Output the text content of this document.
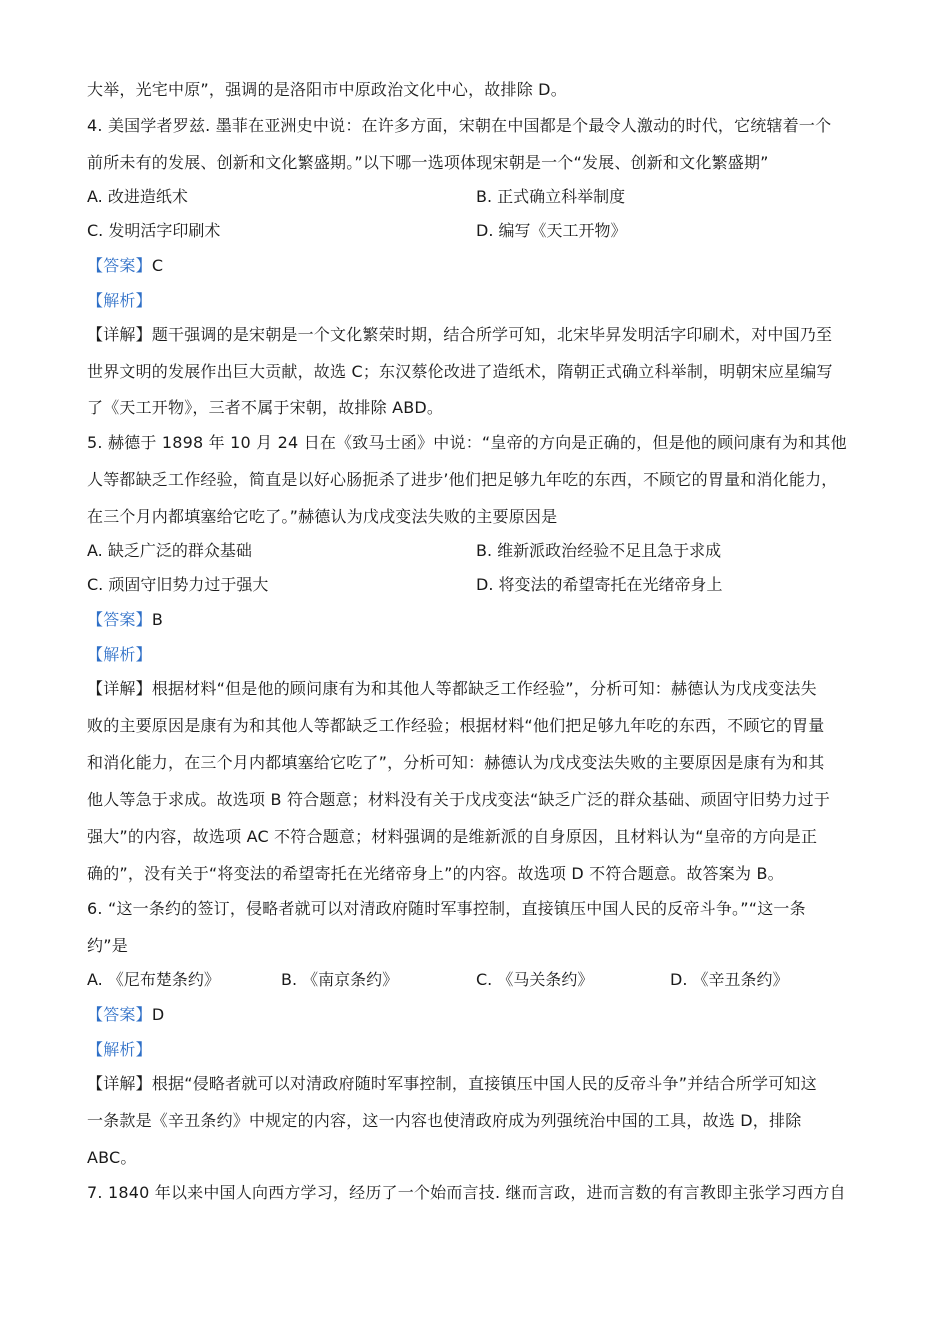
大举，光宅中原”，强调的是洛阳市中原政治文化中心，故排除 D。
4. 美国学者罗兹. 墨菲在亚洲史中说：在许多方面，宋朝在中国都是个最令人激动的时代，它统辖着一个
前所未有的发展、创新和文化繁盛期。”以下哪一选项体现宋朝是一个“发展、创新和文化繁盛期”
A. 改进造纸术	B. 正式确立科举制度
C. 发明活字印刷术	D. 编写《天工开物》
【答案】C
【解析】
【详解】题干强调的是宋朝是一个文化繁荣时期，结合所学可知，北宋毕昇发明活字印刷术，对中国乃至
世界文明的发展作出巨大贡献，故选 C；东汉蔡伦改进了造纸术，隋朝正式确立科举制，明朝宋应星编写
了《天工开物》，三者不属于宋朝，故排除 ABD。
5. 赫德于 1898 年 10 月 24 日在《致马士函》中说：“皇帝的方向是正确的，但是他的顾问康有为和其他
人等都缺乏工作经验，简直是以好心肠扼杀了进步’他们把足够九年吃的东西，不顾它的胃量和消化能力，
在三个月内都填塞给它吃了。”赫德认为戊戌变法失败的主要原因是
A. 缺乏广泛的群众基础	B. 维新派政治经验不足且急于求成
C. 顽固守旧势力过于强大	D. 将变法的希望寄托在光绪帝身上
【答案】B
【解析】
【详解】根据材料“但是他的顾问康有为和其他人等都缺乏工作经验”，分析可知：赫德认为戊戌变法失
败的主要原因是康有为和其他人等都缺乏工作经验；根据材料“他们把足够九年吃的东西，不顾它的胃量
和消化能力，在三个月内都填塞给它吃了”，分析可知：赫德认为戊戌变法失败的主要原因是康有为和其
他人等急于求成。故选项 B 符合题意；材料没有关于戊戌变法“缺乏广泛的群众基础、顽固守旧势力过于
强大”的内容，故选项 AC 不符合题意；材料强调的是维新派的自身原因，且材料认为“皇帝的方向是正
确的”，没有关于“将变法的希望寄托在光绪帝身上”的内容。故选项 D 不符合题意。故答案为 B。
6. “这一条约的签订，侵略者就可以对清政府随时军事控制，直接镇压中国人民的反帝斗争。”“这一条
约”是
A. 《尼布楚条约》	B. 《南京条约》	C. 《马关条约》	D. 《辛丑条约》
【答案】D
【解析】
【详解】根据“侵略者就可以对清政府随时军事控制，直接镇压中国人民的反帝斗争”并结合所学可知这
一条款是《辛丑条约》中规定的内容，这一内容也使清政府成为列强统治中国的工具，故选 D，排除
ABC。
7. 1840 年以来中国人向西方学习，经历了一个始而言技. 继而言政，进而言数的有言教即主张学习西方自
